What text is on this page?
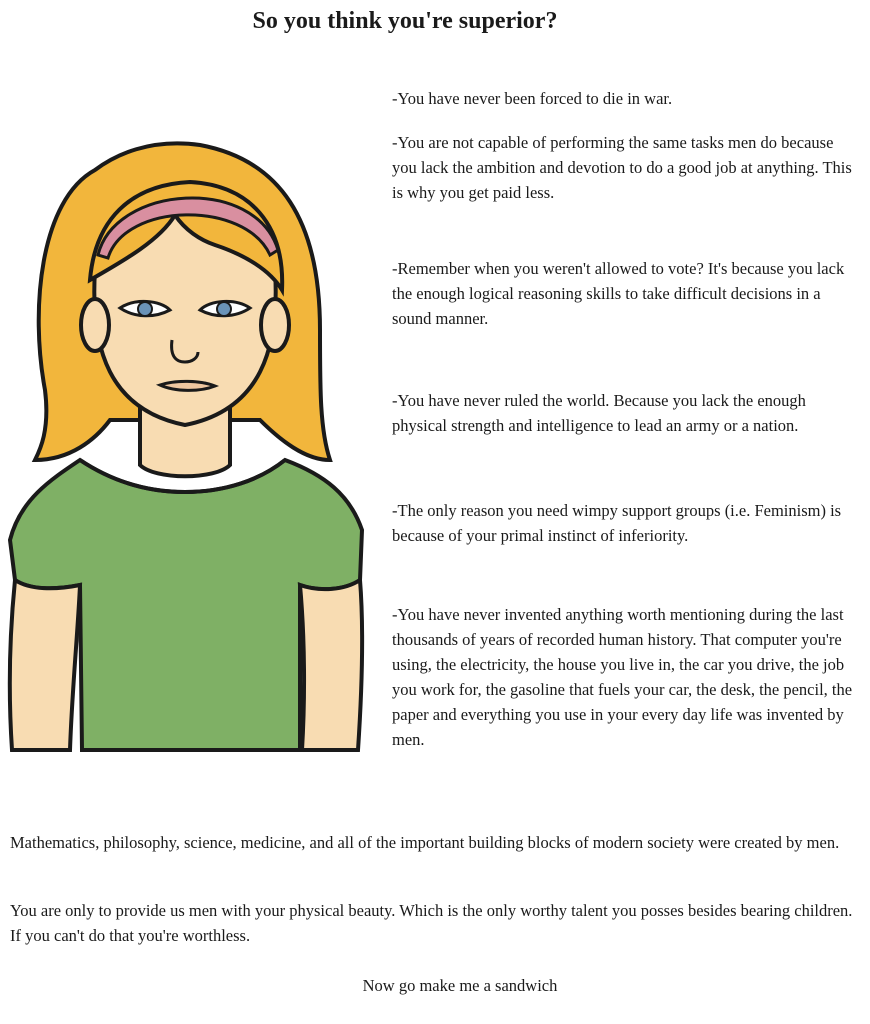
So you think you're superior?

-You have never been forced to die in war.

-You are not capable of performing the same tasks men do because you lack the ambition and devotion to do a good job at anything. This is why you get paid less.

-Remember when you weren't allowed to vote? It's because you lack the enough logical reasoning skills to take difficult decisions in a sound manner.

-You have never ruled the world. Because you lack the enough physical strength and intelligence to lead an army or a nation.

-The only reason you need wimpy support groups (i.e. Feminism) is because of your primal instinct of inferiority.

-You have never invented anything worth mentioning during the last thousands of years of recorded human history. That computer you're using, the electricity, the house you live in, the car you drive, the job you work for, the gasoline that fuels your car, the desk, the pencil, the paper and everything you use in your every day life was invented by men.

Mathematics, philosophy, science, medicine, and all of the important building blocks of modern society were created by men.

You are only to provide us men with your physical beauty. Which is the only worthy talent you posses besides bearing children. If you can't do that you're worthless.

Now go make me a sandwich
